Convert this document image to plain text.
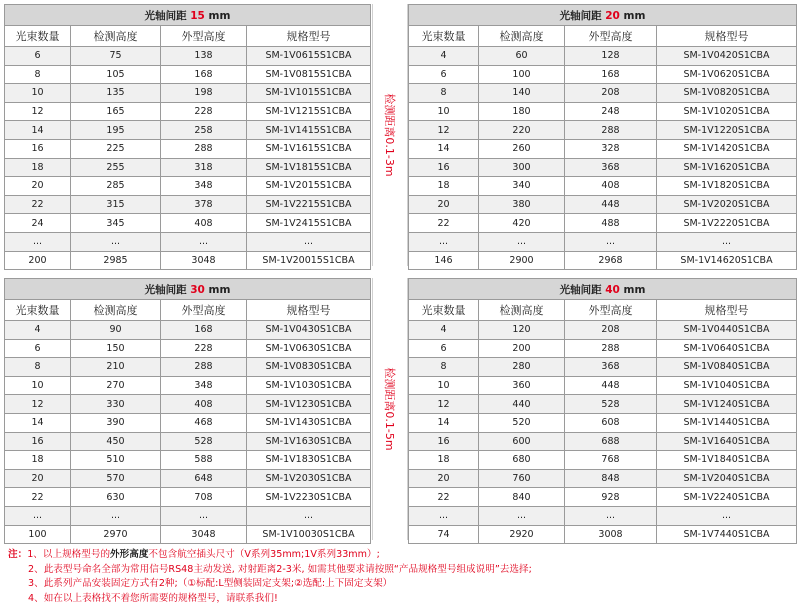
光轴间距 15 mm			
光束数量	检测高度	外型高度	规格型号
6	75	138	SM-1V0615S1CBA
8	105	168	SM-1V0815S1CBA
10	135	198	SM-1V1015S1CBA
12	165	228	SM-1V1215S1CBA
14	195	258	SM-1V1415S1CBA
16	225	288	SM-1V1615S1CBA
18	255	318	SM-1V1815S1CBA
20	285	348	SM-1V2015S1CBA
22	315	378	SM-1V2215S1CBA
24	345	408	SM-1V2415S1CBA
...	...	...	...
200	2985	3048	SM-1V20015S1CBA
检测距离0.1-3m
光轴间距 20 mm			
光束数量	检测高度	外型高度	规格型号
4	60	128	SM-1V0420S1CBA
6	100	168	SM-1V0620S1CBA
8	140	208	SM-1V0820S1CBA
10	180	248	SM-1V1020S1CBA
12	220	288	SM-1V1220S1CBA
14	260	328	SM-1V1420S1CBA
16	300	368	SM-1V1620S1CBA
18	340	408	SM-1V1820S1CBA
20	380	448	SM-1V2020S1CBA
22	420	488	SM-1V2220S1CBA
...	...	...	...
146	2900	2968	SM-1V14620S1CBA
光轴间距 30 mm			
光束数量	检测高度	外型高度	规格型号
4	90	168	SM-1V0430S1CBA
6	150	228	SM-1V0630S1CBA
8	210	288	SM-1V0830S1CBA
10	270	348	SM-1V1030S1CBA
12	330	408	SM-1V1230S1CBA
14	390	468	SM-1V1430S1CBA
16	450	528	SM-1V1630S1CBA
18	510	588	SM-1V1830S1CBA
20	570	648	SM-1V2030S1CBA
22	630	708	SM-1V2230S1CBA
...	...	...	...
100	2970	3048	SM-1V10030S1CBA
检测距离0.1-5m
光轴间距 40 mm			
光束数量	检测高度	外型高度	规格型号
4	120	208	SM-1V0440S1CBA
6	200	288	SM-1V0640S1CBA
8	280	368	SM-1V0840S1CBA
10	360	448	SM-1V1040S1CBA
12	440	528	SM-1V1240S1CBA
14	520	608	SM-1V1440S1CBA
16	600	688	SM-1V1640S1CBA
18	680	768	SM-1V1840S1CBA
20	760	848	SM-1V2040S1CBA
22	840	928	SM-1V2240S1CBA
...	...	...	...
74	2920	3008	SM-1V7440S1CBA
注：1、以上规格型号的外形高度不包含航空插头尺寸（V系列35mm;1V系列33mm）;
2、此表型号命名全部为常用信号RS48主动发送, 对射距离2-3米, 如需其他要求请按照“产品规格型号组成说明”去选择;
3、此系列产品安装固定方式有2种;（①标配:L型侧装固定支架;②选配:上下固定支架）
4、如在以上表格找不着您所需要的规格型号，请联系我们!
